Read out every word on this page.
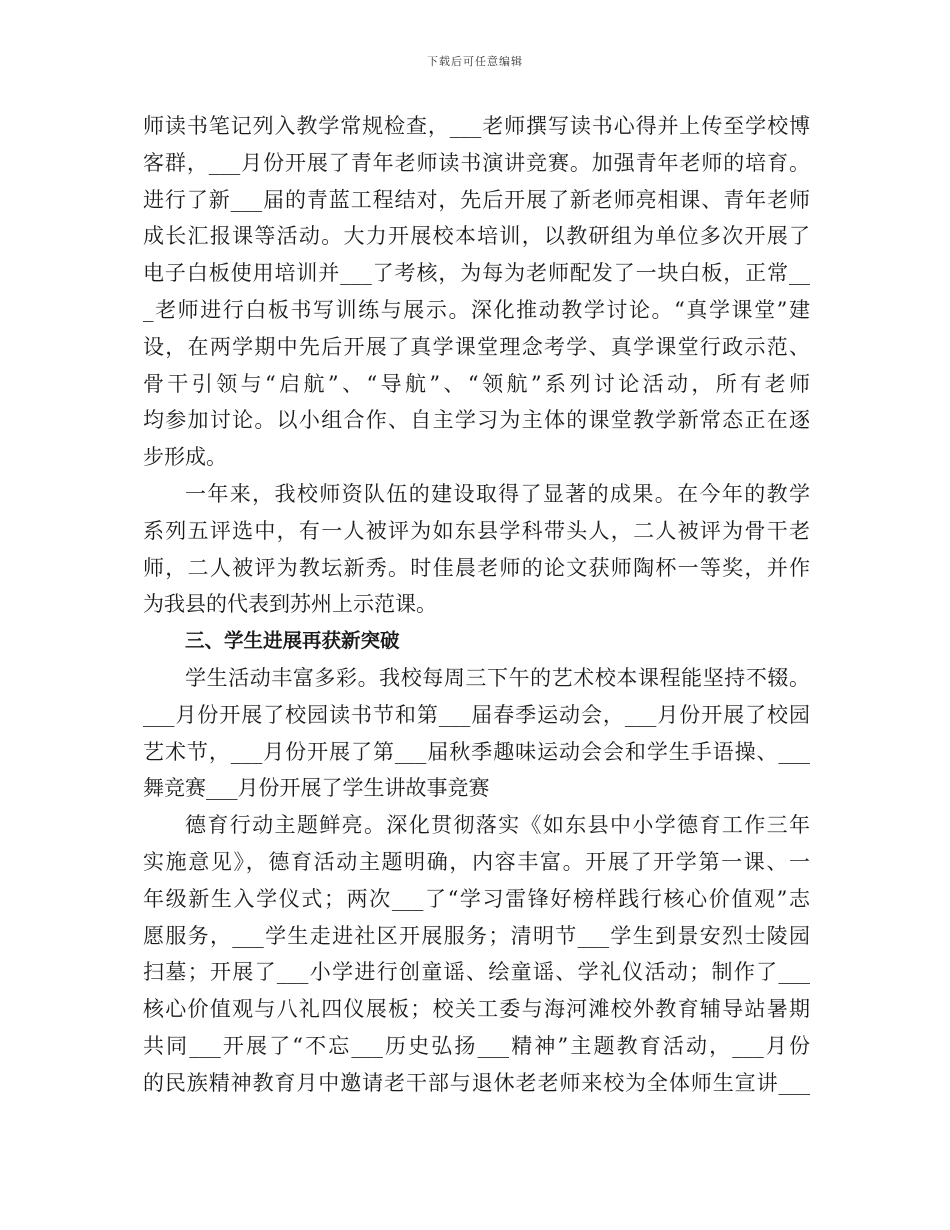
下载后可任意编辑
师读书笔记列入教学常规检查，___老师撰写读书心得并上传至学校博
客群，___月份开展了青年老师读书演讲竞赛。加强青年老师的培育。
进行了新___届的青蓝工程结对，先后开展了新老师亮相课、青年老师
成长汇报课等活动。大力开展校本培训，以教研组为单位多次开展了
电子白板使用培训并___了考核，为每为老师配发了一块白板，正常__
_老师进行白板书写训练与展示。深化推动教学讨论。“真学课堂”建
设，在两学期中先后开展了真学课堂理念考学、真学课堂行政示范、
骨干引领与“启航”、“导航”、“领航”系列讨论活动，所有老师
均参加讨论。以小组合作、自主学习为主体的课堂教学新常态正在逐
步形成。
一年来，我校师资队伍的建设取得了显著的成果。在今年的教学
系列五评选中，有一人被评为如东县学科带头人，二人被评为骨干老
师，二人被评为教坛新秀。时佳晨老师的论文获师陶杯一等奖，并作
为我县的代表到苏州上示范课。
三、学生进展再获新突破
学生活动丰富多彩。我校每周三下午的艺术校本课程能坚持不辍。
___月份开展了校园读书节和第___届春季运动会，___月份开展了校园
艺术节，___月份开展了第___届秋季趣味运动会会和学生手语操、___
舞竞赛___月份开展了学生讲故事竞赛
德育行动主题鲜亮。深化贯彻落实《如东县中小学德育工作三年
实施意见》，德育活动主题明确，内容丰富。开展了开学第一课、一
年级新生入学仪式；两次___了“学习雷锋好榜样践行核心价值观”志
愿服务，___学生走进社区开展服务；清明节___学生到景安烈士陵园
扫墓；开展了___小学进行创童谣、绘童谣、学礼仪活动；制作了___
核心价值观与八礼四仪展板；校关工委与海河滩校外教育辅导站暑期
共同___开展了“不忘___历史弘扬___精神”主题教育活动，___月份
的民族精神教育月中邀请老干部与退休老老师来校为全体师生宣讲___
